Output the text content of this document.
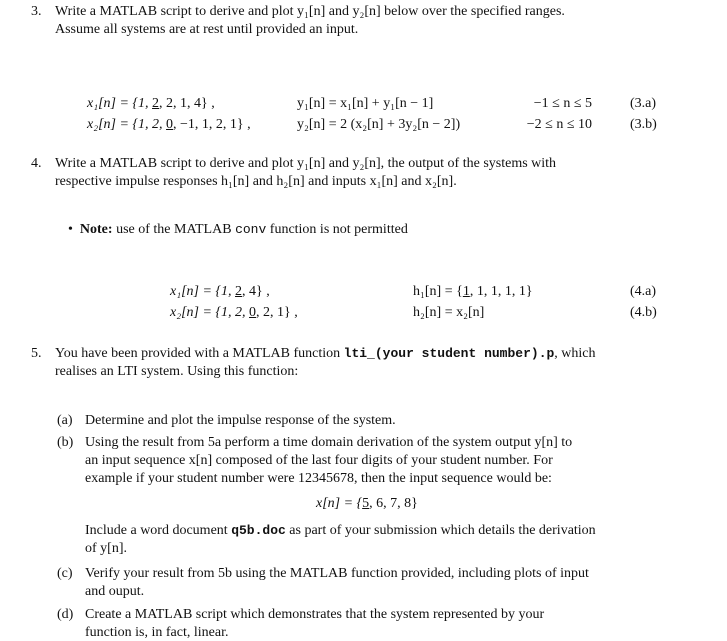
3. Write a MATLAB script to derive and plot y₁[n] and y₂[n] below over the specified ranges.
Assume all systems are at rest until provided an input.
x₁[n] = {1, 2, 2, 1, 4} ,	y₁[n] = x₁[n] + y₁[n − 1]	−1 ≤ n ≤ 5	(3.a)
x₂[n] = {1, 2, 0, −1, 1, 2, 1} ,	y₂[n] = 2 (x₂[n] + 3y₂[n − 2])	−2 ≤ n ≤ 10	(3.b)
4. Write a MATLAB script to derive and plot y₁[n] and y₂[n], the output of the systems with
respective impulse responses h₁[n] and h₂[n] and inputs x₁[n] and x₂[n].
• Note: use of the MATLAB conv function is not permitted
x₁[n] = {1, 2, 4} ,	h₁[n] = {1, 1, 1, 1, 1}	(4.a)
x₂[n] = {1, 2, 0, 2, 1} ,	h₂[n] = x₂[n]	(4.b)
5. You have been provided with a MATLAB function lti_(your student number).p, which
realises an LTI system. Using this function:
(a) Determine and plot the impulse response of the system.
(b) Using the result from 5a perform a time domain derivation of the system output y[n] to
an input sequence x[n] composed of the last four digits of your student number. For
example if your student number were 12345678, then the input sequence would be:
x[n] = {5, 6, 7, 8}
Include a word document q5b.doc as part of your submission which details the derivation
of y[n].
(c) Verify your result from 5b using the MATLAB function provided, including plots of input
and ouput.
(d) Create a MATLAB script which demonstrates that the system represented by your
function is, in fact, linear.
